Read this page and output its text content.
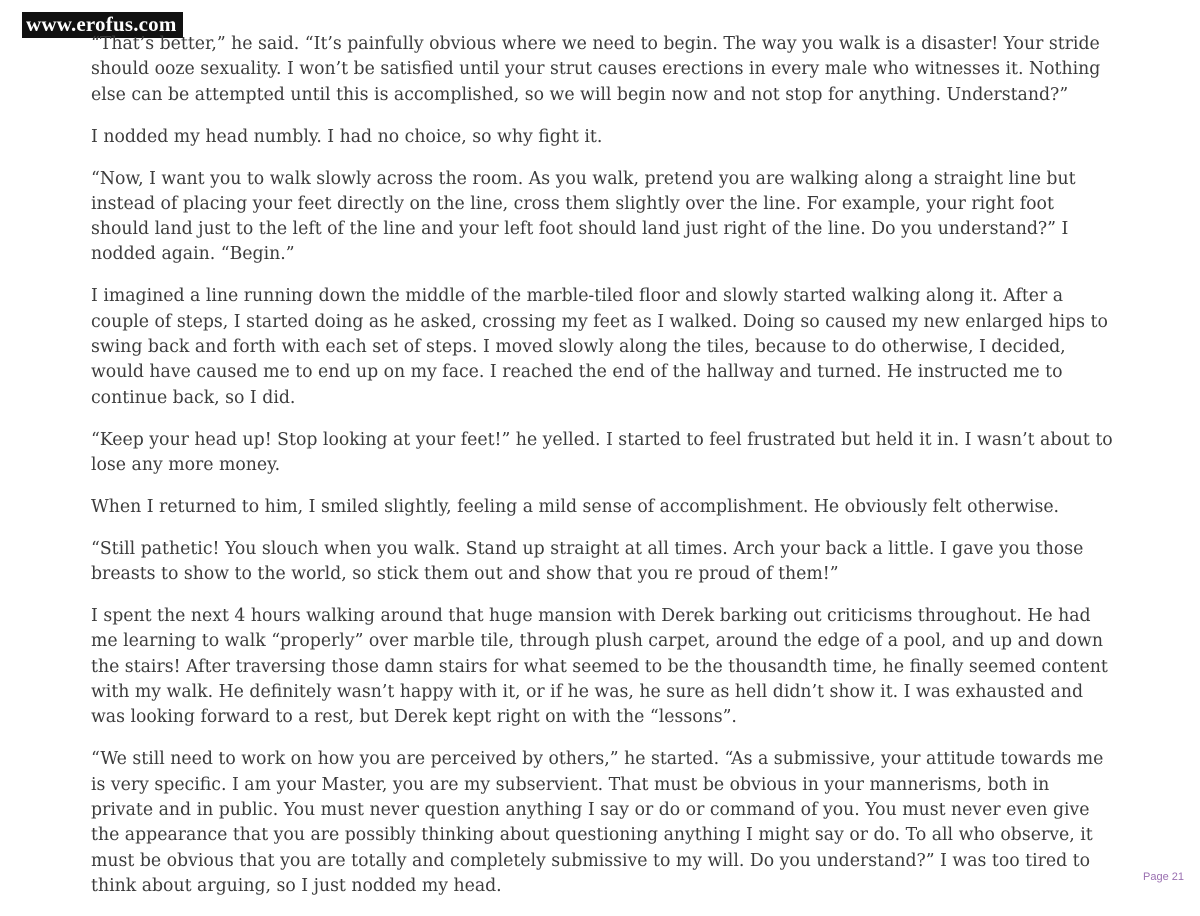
www.erofus.com

“That’s better,” he said. “It’s painfully obvious where we need to begin. The way you walk is a disaster! Your stride should ooze sexuality. I won’t be satisfied until your strut causes erections in every male who witnesses it. Nothing else can be attempted until this is accomplished, so we will begin now and not stop for anything. Understand?”

I nodded my head numbly. I had no choice, so why fight it.

“Now, I want you to walk slowly across the room. As you walk, pretend you are walking along a straight line but instead of placing your feet directly on the line, cross them slightly over the line. For example, your right foot should land just to the left of the line and your left foot should land just right of the line. Do you understand?” I nodded again. “Begin.”

I imagined a line running down the middle of the marble-tiled floor and slowly started walking along it. After a couple of steps, I started doing as he asked, crossing my feet as I walked. Doing so caused my new enlarged hips to swing back and forth with each set of steps. I moved slowly along the tiles, because to do otherwise, I decided, would have caused me to end up on my face. I reached the end of the hallway and turned. He instructed me to continue back, so I did.

“Keep your head up! Stop looking at your feet!” he yelled. I started to feel frustrated but held it in. I wasn’t about to lose any more money.

When I returned to him, I smiled slightly, feeling a mild sense of accomplishment. He obviously felt otherwise.

“Still pathetic! You slouch when you walk. Stand up straight at all times. Arch your back a little. I gave you those breasts to show to the world, so stick them out and show that you re proud of them!”

I spent the next 4 hours walking around that huge mansion with Derek barking out criticisms throughout. He had me learning to walk “properly” over marble tile, through plush carpet, around the edge of a pool, and up and down the stairs! After traversing those damn stairs for what seemed to be the thousandth time, he finally seemed content with my walk. He definitely wasn’t happy with it, or if he was, he sure as hell didn’t show it. I was exhausted and was looking forward to a rest, but Derek kept right on with the “lessons”.

“We still need to work on how you are perceived by others,” he started. “As a submissive, your attitude towards me is very specific. I am your Master, you are my subservient. That must be obvious in your mannerisms, both in private and in public. You must never question anything I say or do or command of you. You must never even give the appearance that you are possibly thinking about questioning anything I might say or do. To all who observe, it must be obvious that you are totally and completely submissive to my will. Do you understand?” I was too tired to think about arguing, so I just nodded my head.	Page 21
